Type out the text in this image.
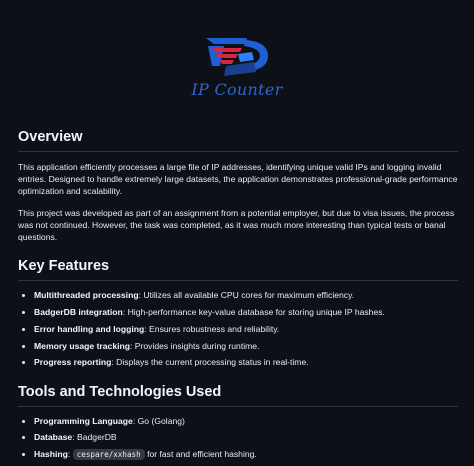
IP Counter
Overview

This application efficiently processes a large file of IP addresses, identifying unique valid IPs and logging invalid entries. Designed to handle extremely large datasets, the application demonstrates professional-grade performance optimization and scalability.

This project was developed as part of an assignment from a potential employer, but due to visa issues, the process was not continued. However, the task was completed, as it was much more interesting than typical tests or banal questions.

Key Features
• Multithreaded processing: Utilizes all available CPU cores for maximum efficiency.
• BadgerDB integration: High-performance key-value database for storing unique IP hashes.
• Error handling and logging: Ensures robustness and reliability.
• Memory usage tracking: Provides insights during runtime.
• Progress reporting: Displays the current processing status in real-time.
Tools and Technologies Used
• Programming Language: Go (Golang)
• Database: BadgerDB
• Hashing: cespare/xxhash for fast and efficient hashing.
